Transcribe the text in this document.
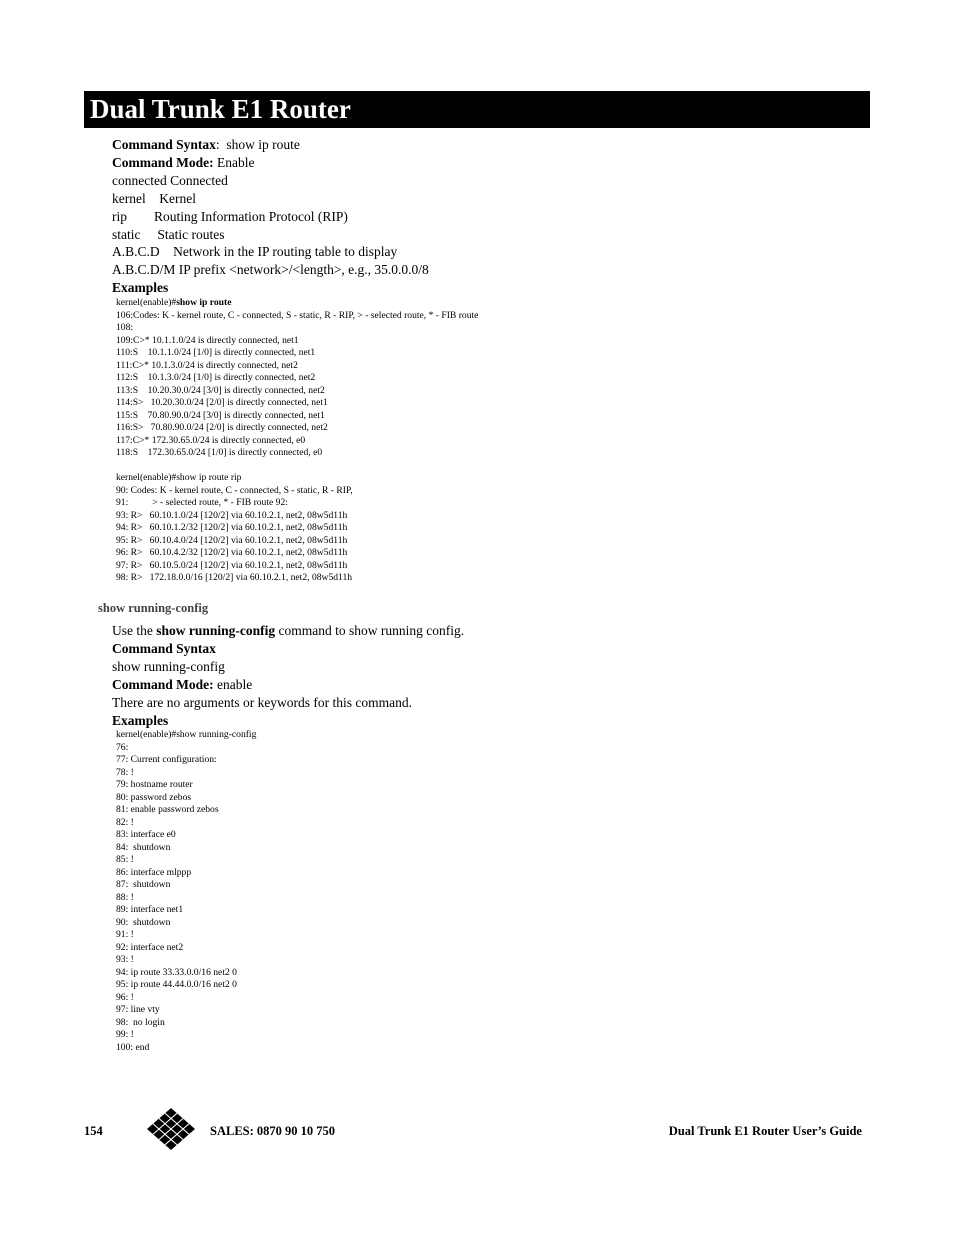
Dual Trunk E1 Router
Command Syntax:  show ip route
Command Mode: Enable
connected Connected
kernel    Kernel
rip        Routing Information Protocol (RIP)
static     Static routes
A.B.C.D    Network in the IP routing table to display
A.B.C.D/M IP prefix <network>/<length>, e.g., 35.0.0.0/8
Examples
kernel(enable)#show ip route
106:Codes: K - kernel route, C - connected, S - static, R - RIP, > - selected route, * - FIB route
108:
109:C>* 10.1.1.0/24 is directly connected, net1
110:S    10.1.1.0/24 [1/0] is directly connected, net1
111:C>* 10.1.3.0/24 is directly connected, net2
112:S    10.1.3.0/24 [1/0] is directly connected, net2
113:S    10.20.30.0/24 [3/0] is directly connected, net2
114:S>   10.20.30.0/24 [2/0] is directly connected, net1
115:S    70.80.90.0/24 [3/0] is directly connected, net1
116:S>   70.80.90.0/24 [2/0] is directly connected, net2
117:C>* 172.30.65.0/24 is directly connected, e0
118:S    172.30.65.0/24 [1/0] is directly connected, e0
kernel(enable)#show ip route rip
90: Codes: K - kernel route, C - connected, S - static, R - RIP,
91:          > - selected route, * - FIB route 92:
93: R>   60.10.1.0/24 [120/2] via 60.10.2.1, net2, 08w5d11h
94: R>   60.10.1.2/32 [120/2] via 60.10.2.1, net2, 08w5d11h
95: R>   60.10.4.0/24 [120/2] via 60.10.2.1, net2, 08w5d11h
96: R>   60.10.4.2/32 [120/2] via 60.10.2.1, net2, 08w5d11h
97: R>   60.10.5.0/24 [120/2] via 60.10.2.1, net2, 08w5d11h
98: R>   172.18.0.0/16 [120/2] via 60.10.2.1, net2, 08w5d11h
show running-config
Use the show running-config command to show running config.
Command Syntax
show running-config
Command Mode: enable
There are no arguments or keywords for this command.
Examples
kernel(enable)#show running-config
76:
77: Current configuration:
78: !
79: hostname router
80: password zebos
81: enable password zebos
82: !
83: interface e0
84:  shutdown
85: !
86: interface mlppp
87:  shutdown
88: !
89: interface net1
90:  shutdown
91: !
92: interface net2
93: !
94: ip route 33.33.0.0/16 net2 0
95: ip route 44.44.0.0/16 net2 0
96: !
97: line vty
98:  no login
99: !
100: end
154	SALES: 0870 90 10 750	Dual Trunk E1 Router User’s Guide
